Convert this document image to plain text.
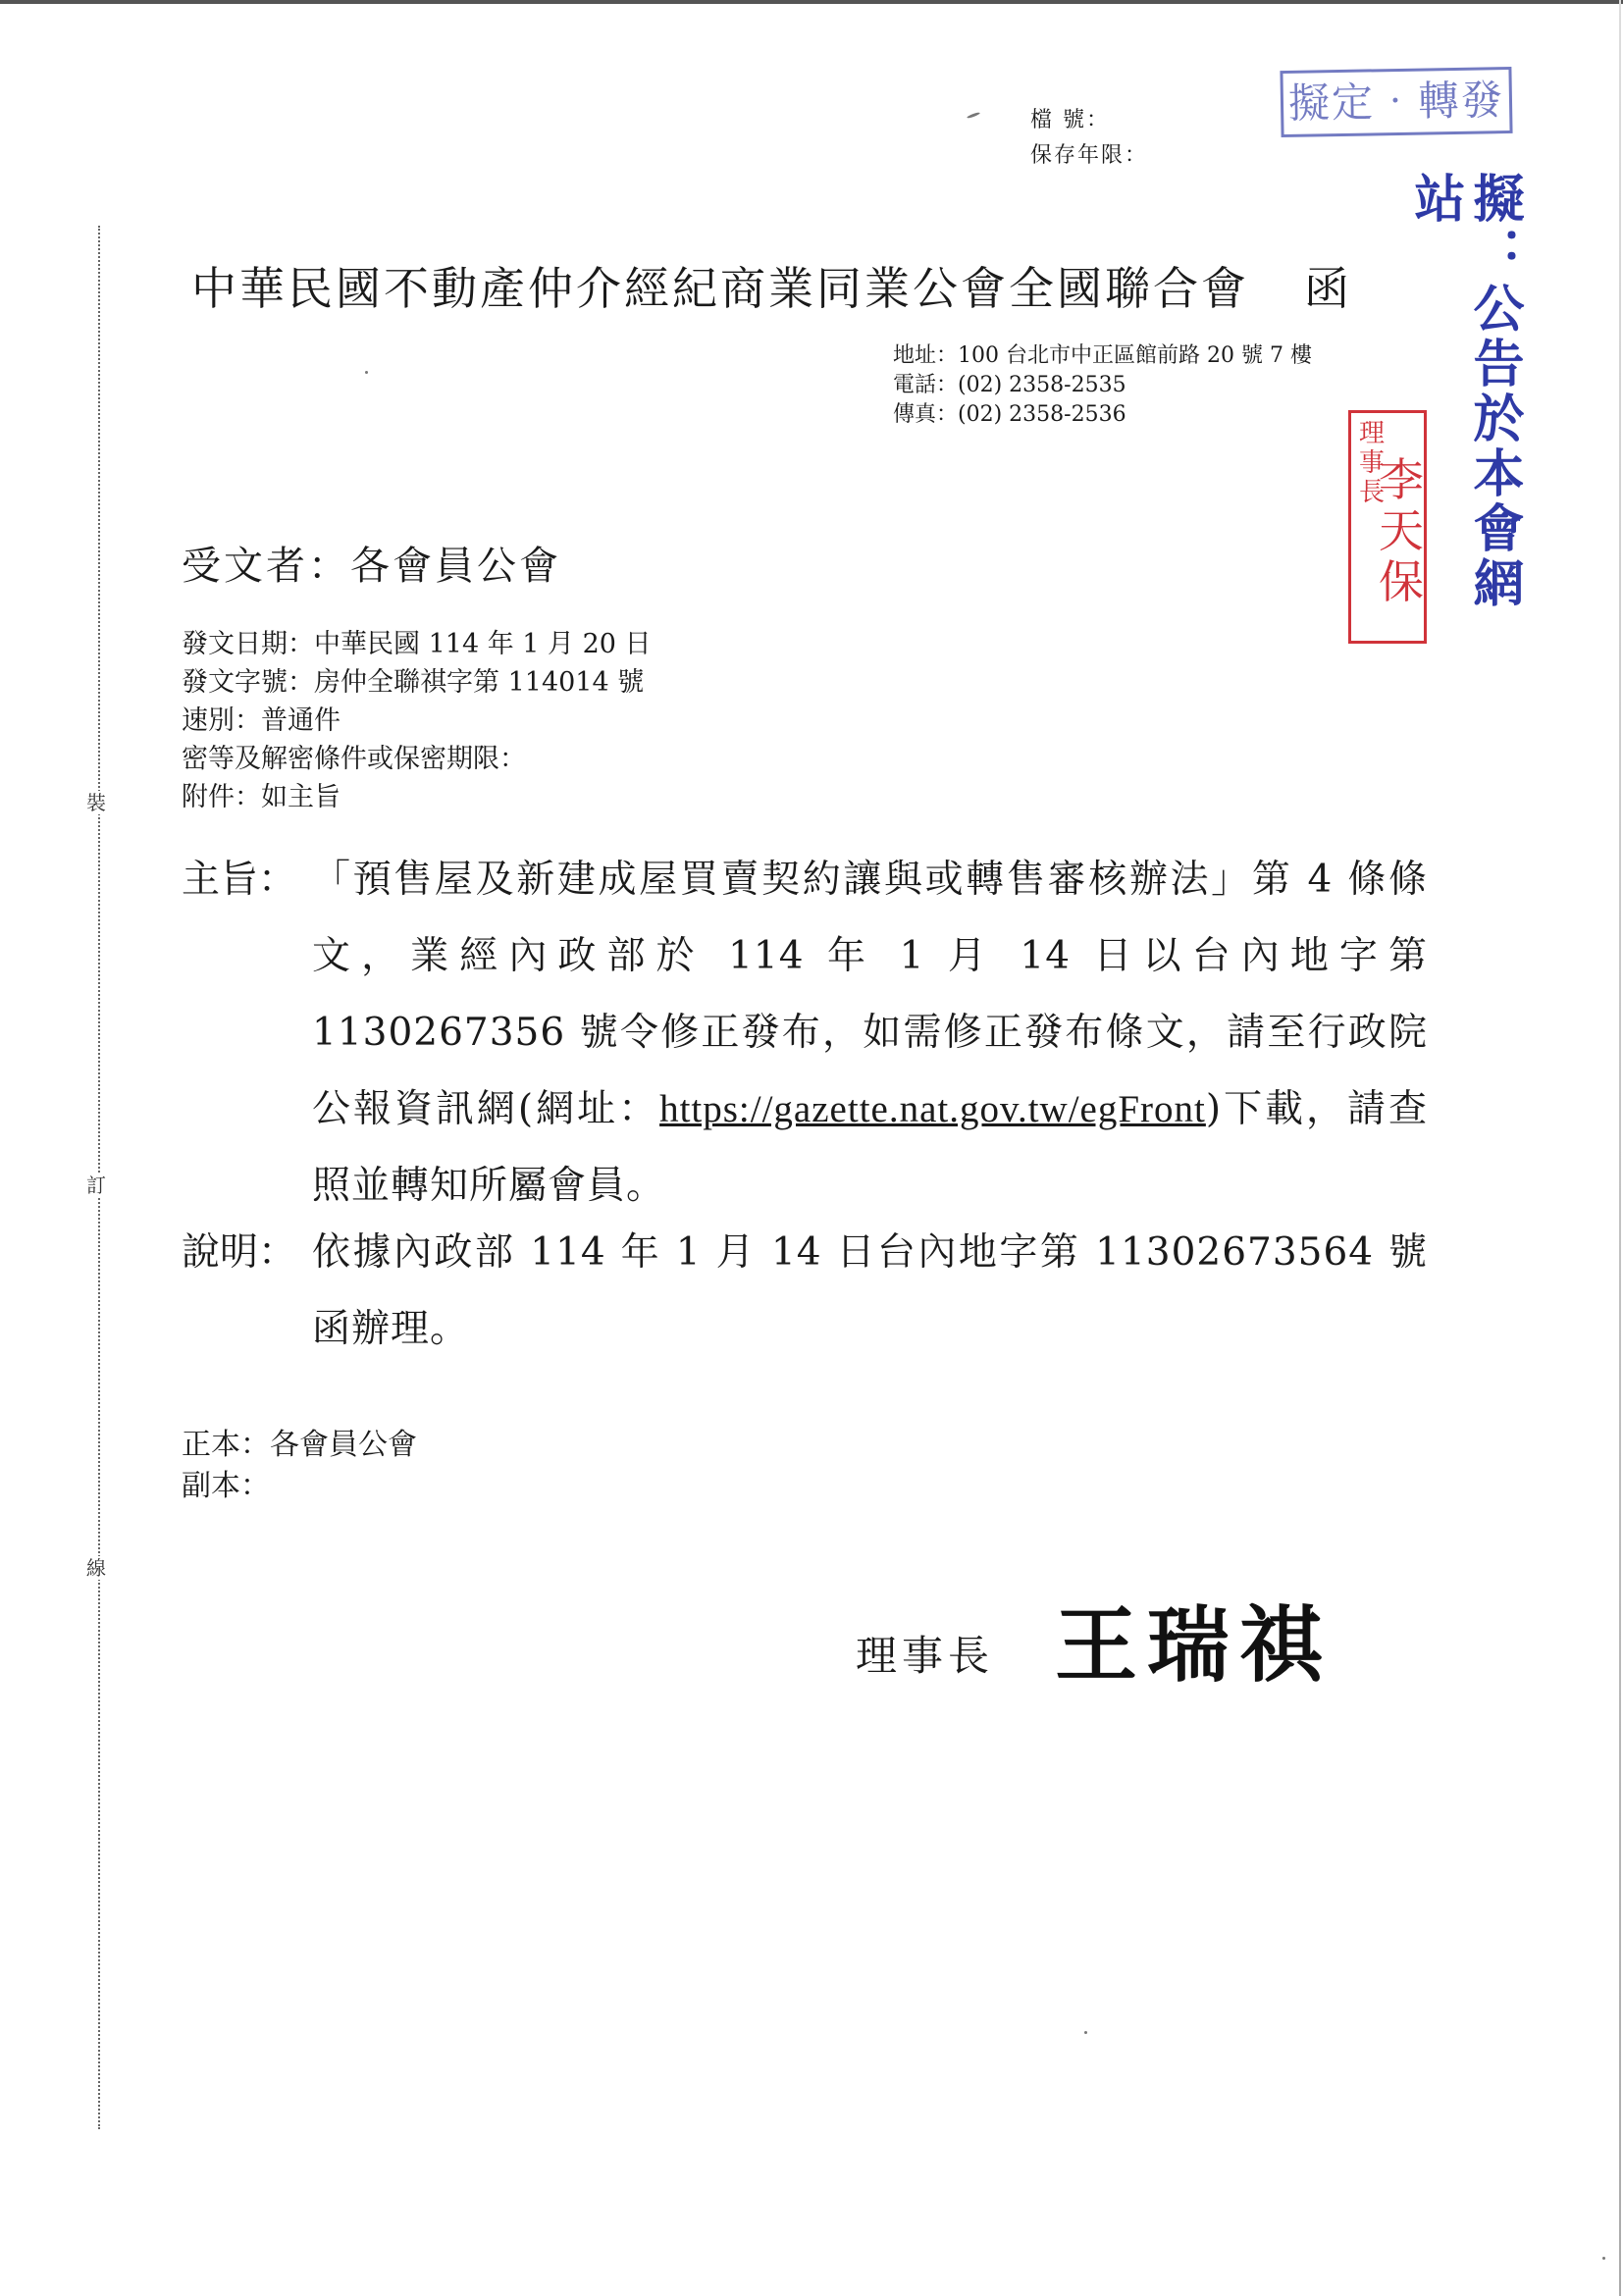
檔 號：
保存年限：
擬定‧轉發
擬：公告於本會網站
裝
訂
線
中華民國不動產仲介經紀商業同業公會全國聯合會 函
地址：100 台北市中正區館前路 20 號 7 樓
電話：(02) 2358-2535
傳真：(02) 2358-2536
理事長
李天保
受文者：各會員公會
發文日期：中華民國 114 年 1 月 20 日
發文字號：房仲全聯祺字第 114014 號
速別：普通件
密等及解密條件或保密期限：
附件：如主旨
主旨： 「預售屋及新建成屋買賣契約讓與或轉售審核辦法」第 4 條條文，業經內政部於 114 年 1 月 14 日以台內地字第 1130267356 號令修正發布，如需修正發布條文，請至行政院公報資訊網(網址：https://gazette.nat.gov.tw/egFront)下載，請查照並轉知所屬會員。
說明： 依據內政部 114 年 1 月 14 日台內地字第 11302673564 號函辦理。
正本：各會員公會
副本：
理事長 王瑞祺
